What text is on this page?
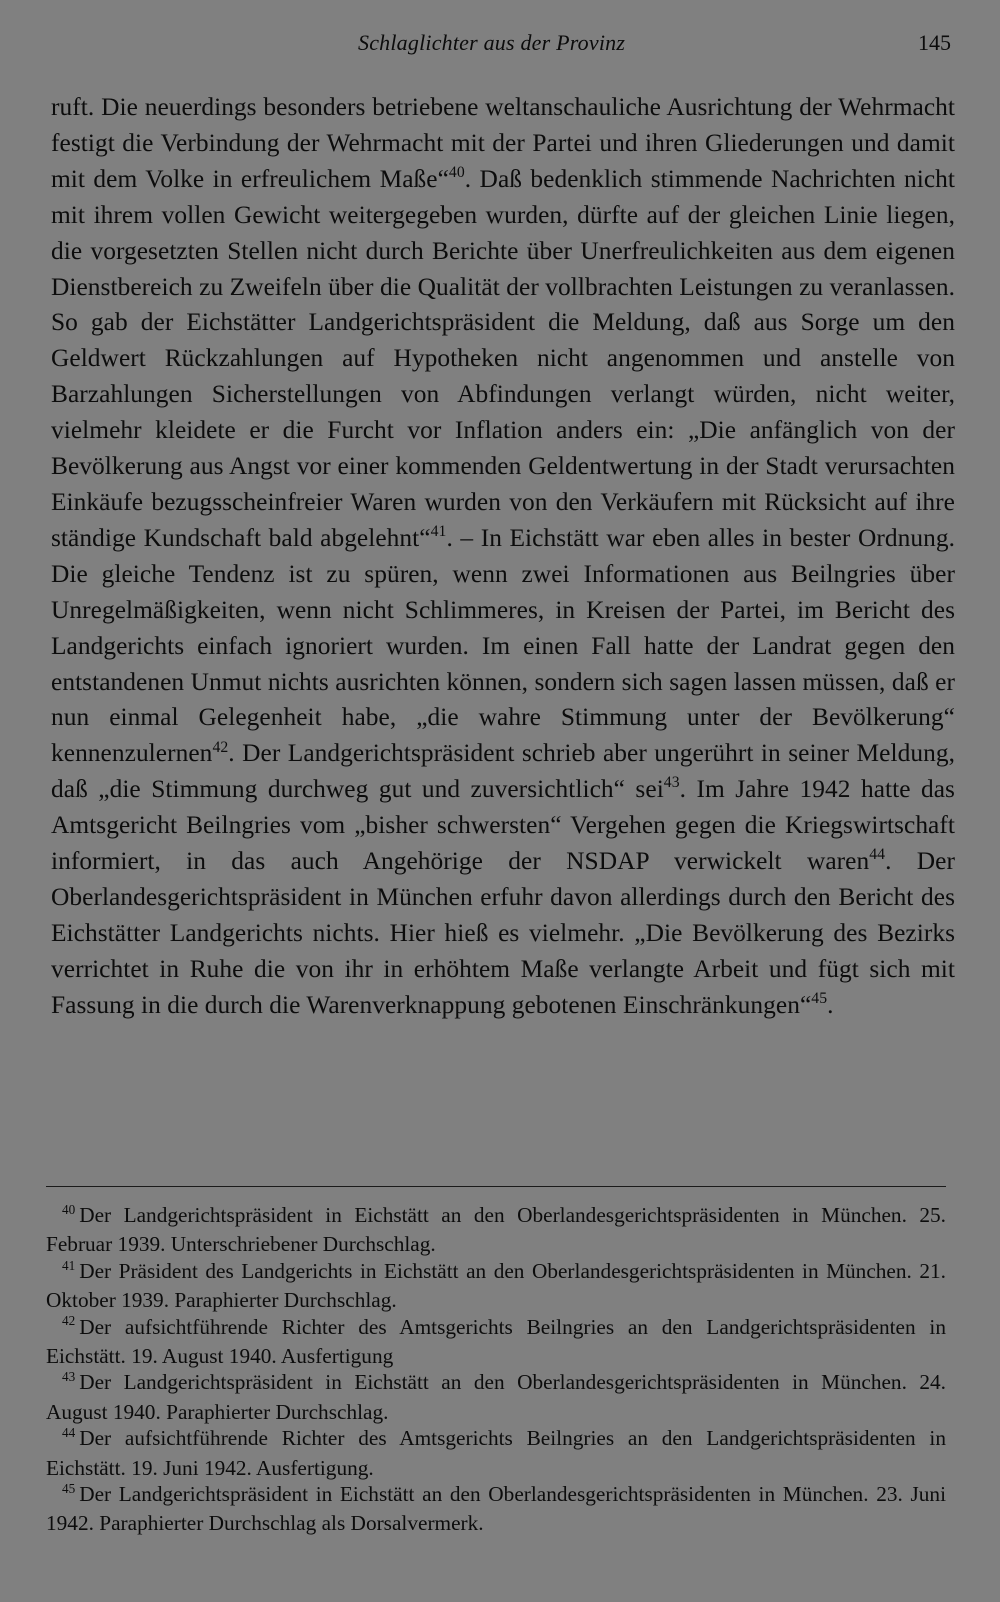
Schlaglichter aus der Provinz	145

ruft. Die neuerdings besonders betriebene weltanschauliche Ausrichtung der Wehrmacht festigt die Verbindung der Wehrmacht mit der Partei und ihren Gliederungen und damit mit dem Volke in erfreulichem Maße“$^{40}$. Daß bedenklich stimmende Nachrichten nicht mit ihrem vollen Gewicht weitergegeben wurden, dürfte auf der gleichen Linie liegen, die vorgesetzten Stellen nicht durch Berichte über Unerfreulichkeiten aus dem eigenen Dienstbereich zu Zweifeln über die Qualität der vollbrachten Leistungen zu veranlassen. So gab der Eichstätter Landgerichtspräsident die Meldung, daß aus Sorge um den Geldwert Rückzahlungen auf Hypotheken nicht angenommen und anstelle von Barzahlungen Sicherstellungen von Abfindungen verlangt würden, nicht weiter, vielmehr kleidete er die Furcht vor Inflation anders ein: „Die anfänglich von der Bevölkerung aus Angst vor einer kommenden Geldentwertung in der Stadt verursachten Einkäufe bezugsscheinfreier Waren wurden von den Verkäufern mit Rücksicht auf ihre ständige Kundschaft bald abgelehnt“$^{41}$. – In Eichstätt war eben alles in bester Ordnung. Die gleiche Tendenz ist zu spüren, wenn zwei Informationen aus Beilngries über Unregelmäßigkeiten, wenn nicht Schlimmeres, in Kreisen der Partei, im Bericht des Landgerichts einfach ignoriert wurden. Im einen Fall hatte der Landrat gegen den entstandenen Unmut nichts ausrichten können, sondern sich sagen lassen müssen, daß er nun einmal Gelegenheit habe, „die wahre Stimmung unter der Bevölkerung“ kennenzulernen$^{42}$. Der Landgerichtspräsident schrieb aber ungerührt in seiner Meldung, daß „die Stimmung durchweg gut und zuversichtlich“ sei$^{43}$. Im Jahre 1942 hatte das Amtsgericht Beilngries vom „bisher schwersten“ Vergehen gegen die Kriegswirtschaft informiert, in das auch Angehörige der NSDAP verwickelt waren$^{44}$. Der Oberlandesgerichtspräsident in München erfuhr davon allerdings durch den Bericht des Eichstätter Landgerichts nichts. Hier hieß es vielmehr. „Die Bevölkerung des Bezirks verrichtet in Ruhe die von ihr in erhöhtem Maße verlangte Arbeit und fügt sich mit Fassung in die durch die Warenverknappung gebotenen Einschränkungen“$^{45}$.

$^{40}$ Der Landgerichtspräsident in Eichstätt an den Oberlandesgerichtspräsidenten in München. 25. Februar 1939. Unterschriebener Durchschlag.

$^{41}$ Der Präsident des Landgerichts in Eichstätt an den Oberlandesgerichtspräsidenten in München. 21. Oktober 1939. Paraphierter Durchschlag.

$^{42}$ Der aufsichtführende Richter des Amtsgerichts Beilngries an den Landgerichtspräsidenten in Eichstätt. 19. August 1940. Ausfertigung

$^{43}$ Der Landgerichtspräsident in Eichstätt an den Oberlandesgerichtspräsidenten in München. 24. August 1940. Paraphierter Durchschlag.

$^{44}$ Der aufsichtführende Richter des Amtsgerichts Beilngries an den Landgerichtspräsidenten in Eichstätt. 19. Juni 1942. Ausfertigung.

$^{45}$ Der Landgerichtspräsident in Eichstätt an den Oberlandesgerichtspräsidenten in München. 23. Juni 1942. Paraphierter Durchschlag als Dorsalvermerk.
